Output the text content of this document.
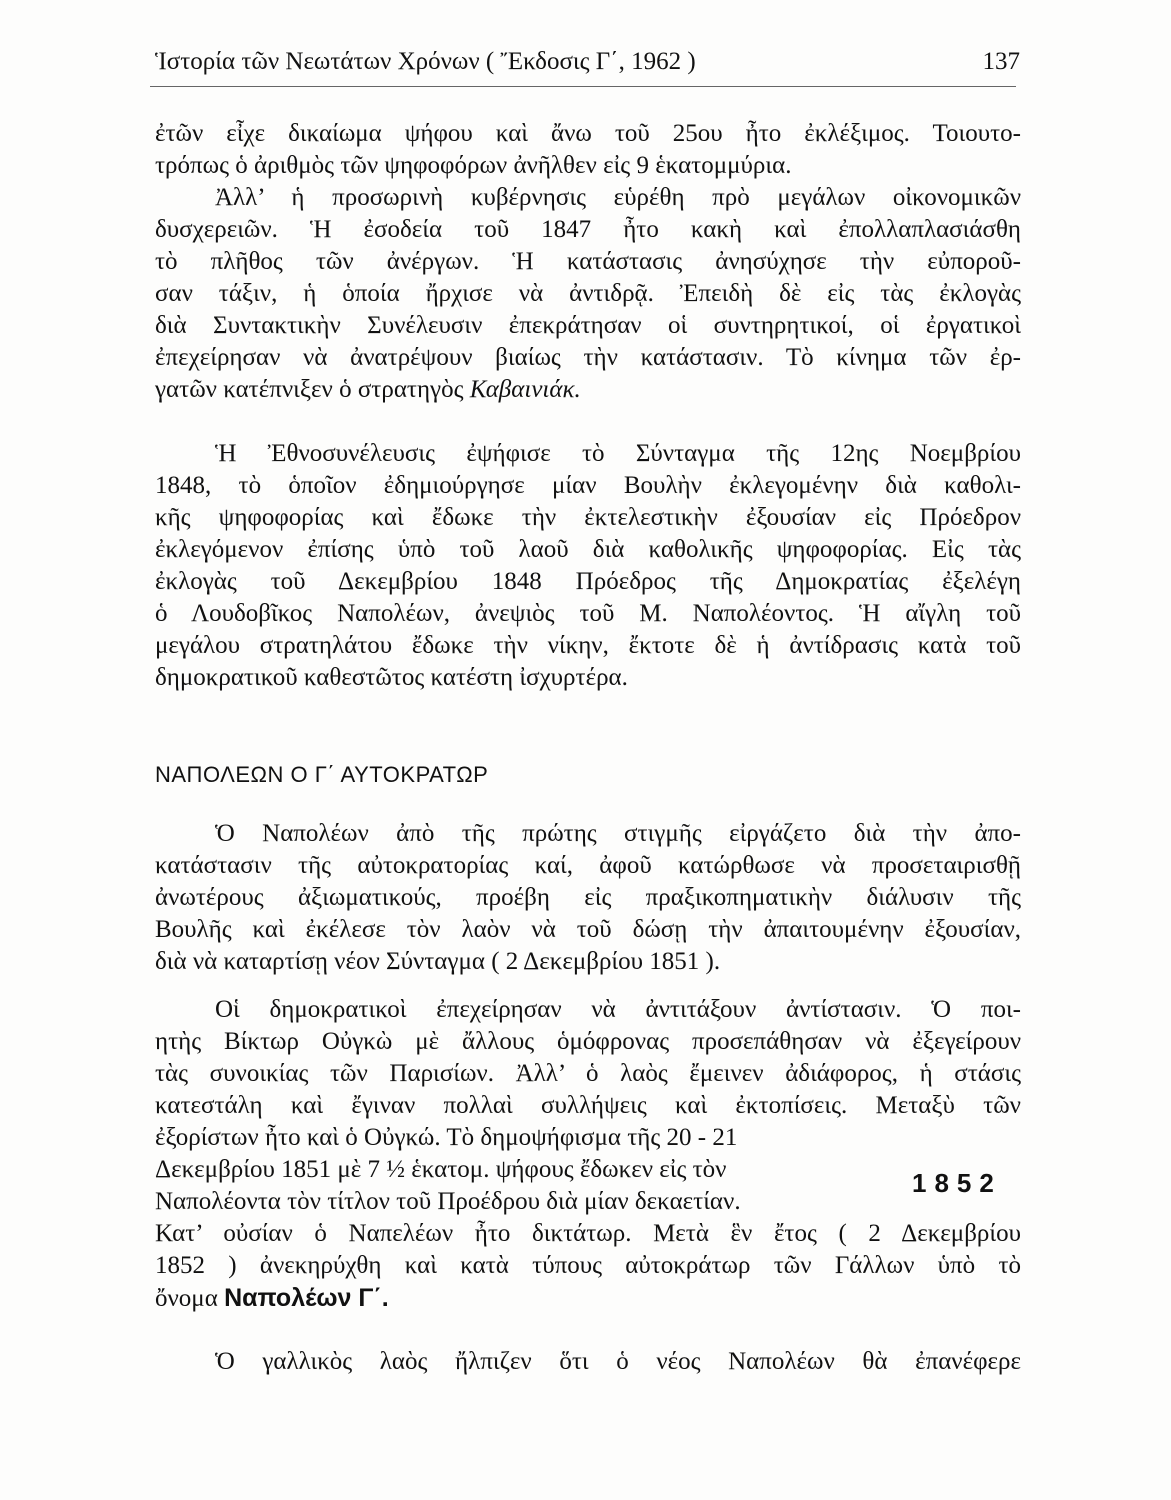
Ἱστορία τῶν Νεωτάτων Χρόνων ( Ἔκδοσις Γ΄, 1962 )	137
ἐτῶν εἶχε δικαίωμα ψήφου καὶ ἄνω τοῦ 25ου ἦτο ἐκλέξιμος. Τοιουτο-
τρόπως ὁ ἀριθμὸς τῶν ψηφοφόρων ἀνῆλθεν εἰς 9 ἑκατομμύρια.
Ἀλλ’ ἡ προσωρινὴ κυβέρνησις εὑρέθη πρὸ μεγάλων οἰκονομικῶν
δυσχερειῶν. Ἡ ἐσοδεία τοῦ 1847 ἦτο κακὴ καὶ ἐπολλαπλασιάσθη
τὸ πλῆθος τῶν ἀνέργων. Ἡ κατάστασις ἀνησύχησε τὴν εὐποροῦ-
σαν τάξιν, ἡ ὁποία ἤρχισε νὰ ἀντιδρᾷ. Ἐπειδὴ δὲ εἰς τὰς ἐκλογὰς
διὰ Συντακτικὴν Συνέλευσιν ἐπεκράτησαν οἱ συντηρητικοί, οἱ ἐργατικοὶ
ἐπεχείρησαν νὰ ἀνατρέψουν βιαίως τὴν κατάστασιν. Τὸ κίνημα τῶν ἐρ-
γατῶν κατέπνιξεν ὁ στρατηγὸς Καβαινιάκ.
Ἡ Ἐθνοσυνέλευσις ἐψήφισε τὸ Σύνταγμα τῆς 12ης Νοεμβρίου
1848, τὸ ὁποῖον ἐδημιούργησε μίαν Βουλὴν ἐκλεγομένην διὰ καθολι-
κῆς ψηφοφορίας καὶ ἔδωκε τὴν ἐκτελεστικὴν ἐξουσίαν εἰς Πρόεδρον
ἐκλεγόμενον ἐπίσης ὑπὸ τοῦ λαοῦ διὰ καθολικῆς ψηφοφορίας. Εἰς τὰς
ἐκλογὰς τοῦ Δεκεμβρίου 1848 Πρόεδρος τῆς Δημοκρατίας ἐξελέγη
ὁ Λουδοβῖκος Ναπολέων, ἀνεψιὸς τοῦ Μ. Ναπολέοντος. Ἡ αἴγλη τοῦ
μεγάλου στρατηλάτου ἔδωκε τὴν νίκην, ἔκτοτε δὲ ἡ ἀντίδρασις κατὰ τοῦ
δημοκρατικοῦ καθεστῶτος κατέστη ἰσχυρτέρα.
ΝΑΠΟΛΕΩΝ Ο Γ΄ ΑΥΤΟΚΡΑΤΩΡ
Ὁ Ναπολέων ἀπὸ τῆς πρώτης στιγμῆς εἰργάζετο διὰ τὴν ἀπο-
κατάστασιν τῆς αὐτοκρατορίας καί, ἀφοῦ κατώρθωσε νὰ προσεταιρισθῇ
ἀνωτέρους ἀξιωματικούς, προέβη εἰς πραξικοπηματικὴν διάλυσιν τῆς
Βουλῆς καὶ ἐκέλεσε τὸν λαὸν νὰ τοῦ δώσῃ τὴν ἀπαιτουμένην ἐξουσίαν,
διὰ νὰ καταρτίσῃ νέον Σύνταγμα ( 2 Δεκεμβρίου 1851 ).
Οἱ δημοκρατικοὶ ἐπεχείρησαν νὰ ἀντιτάξουν ἀντίστασιν. Ὁ ποι-
ητὴς Βίκτωρ Οὐγκὼ μὲ ἄλλους ὁμόφρονας προσεπάθησαν νὰ ἐξεγείρουν
τὰς συνοικίας τῶν Παρισίων. Ἀλλ’ ὁ λαὸς ἔμεινεν ἀδιάφορος, ἡ στάσις
κατεστάλη καὶ ἔγιναν πολλαὶ συλλήψεις καὶ ἐκτοπίσεις. Μεταξὺ τῶν
ἐξορίστων ἦτο καὶ ὁ Οὐγκώ. Τὸ δημοψήφισμα τῆς 20 - 21
Δεκεμβρίου 1851 μὲ 7 ½ ἑκατομ. ψήφους ἔδωκεν εἰς τὸν
Ναπολέοντα τὸν τίτλον τοῦ Προέδρου διὰ μίαν δεκαετίαν.
Κατ’ οὐσίαν ὁ Ναπελέων ἦτο δικτάτωρ. Μετὰ ἓν ἔτος ( 2 Δεκεμβρίου
1852 ) ἀνεκηρύχθη καὶ κατὰ τύπους αὐτοκράτωρ τῶν Γάλλων ὑπὸ τὸ
ὄνομα Ναπολέων Γ΄.
1852
Ὁ γαλλικὸς λαὸς ἤλπιζεν ὅτι ὁ νέος Ναπολέων θὰ ἐπανέφερε
